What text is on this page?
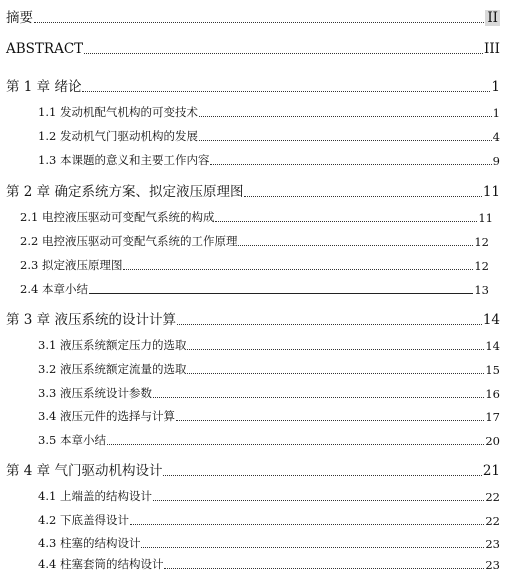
摘要	II
ABSTRACT	III
第 1 章 绪论	1
1.1 发动机配气机构的可变技术	1
1.2 发动机气门驱动机构的发展	4
1.3 本课题的意义和主要工作内容	9
第 2 章 确定系统方案、拟定液压原理图	11
2.1 电控液压驱动可变配气系统的构成	11
2.2 电控液压驱动可变配气系统的工作原理	12
2.3 拟定液压原理图	12
2.4 本章小结	13
第 3 章 液压系统的设计计算	14
3.1 液压系统额定压力的选取	14
3.2 液压系统额定流量的选取	15
3.3 液压系统设计参数	16
3.4 液压元件的选择与计算	17
3.5 本章小结	20
第 4 章 气门驱动机构设计	21
4.1 上端盖的结构设计	22
4.2 下底盖得设计	22
4.3 柱塞的结构设计	23
4.4 柱塞套筒的结构设计	23
